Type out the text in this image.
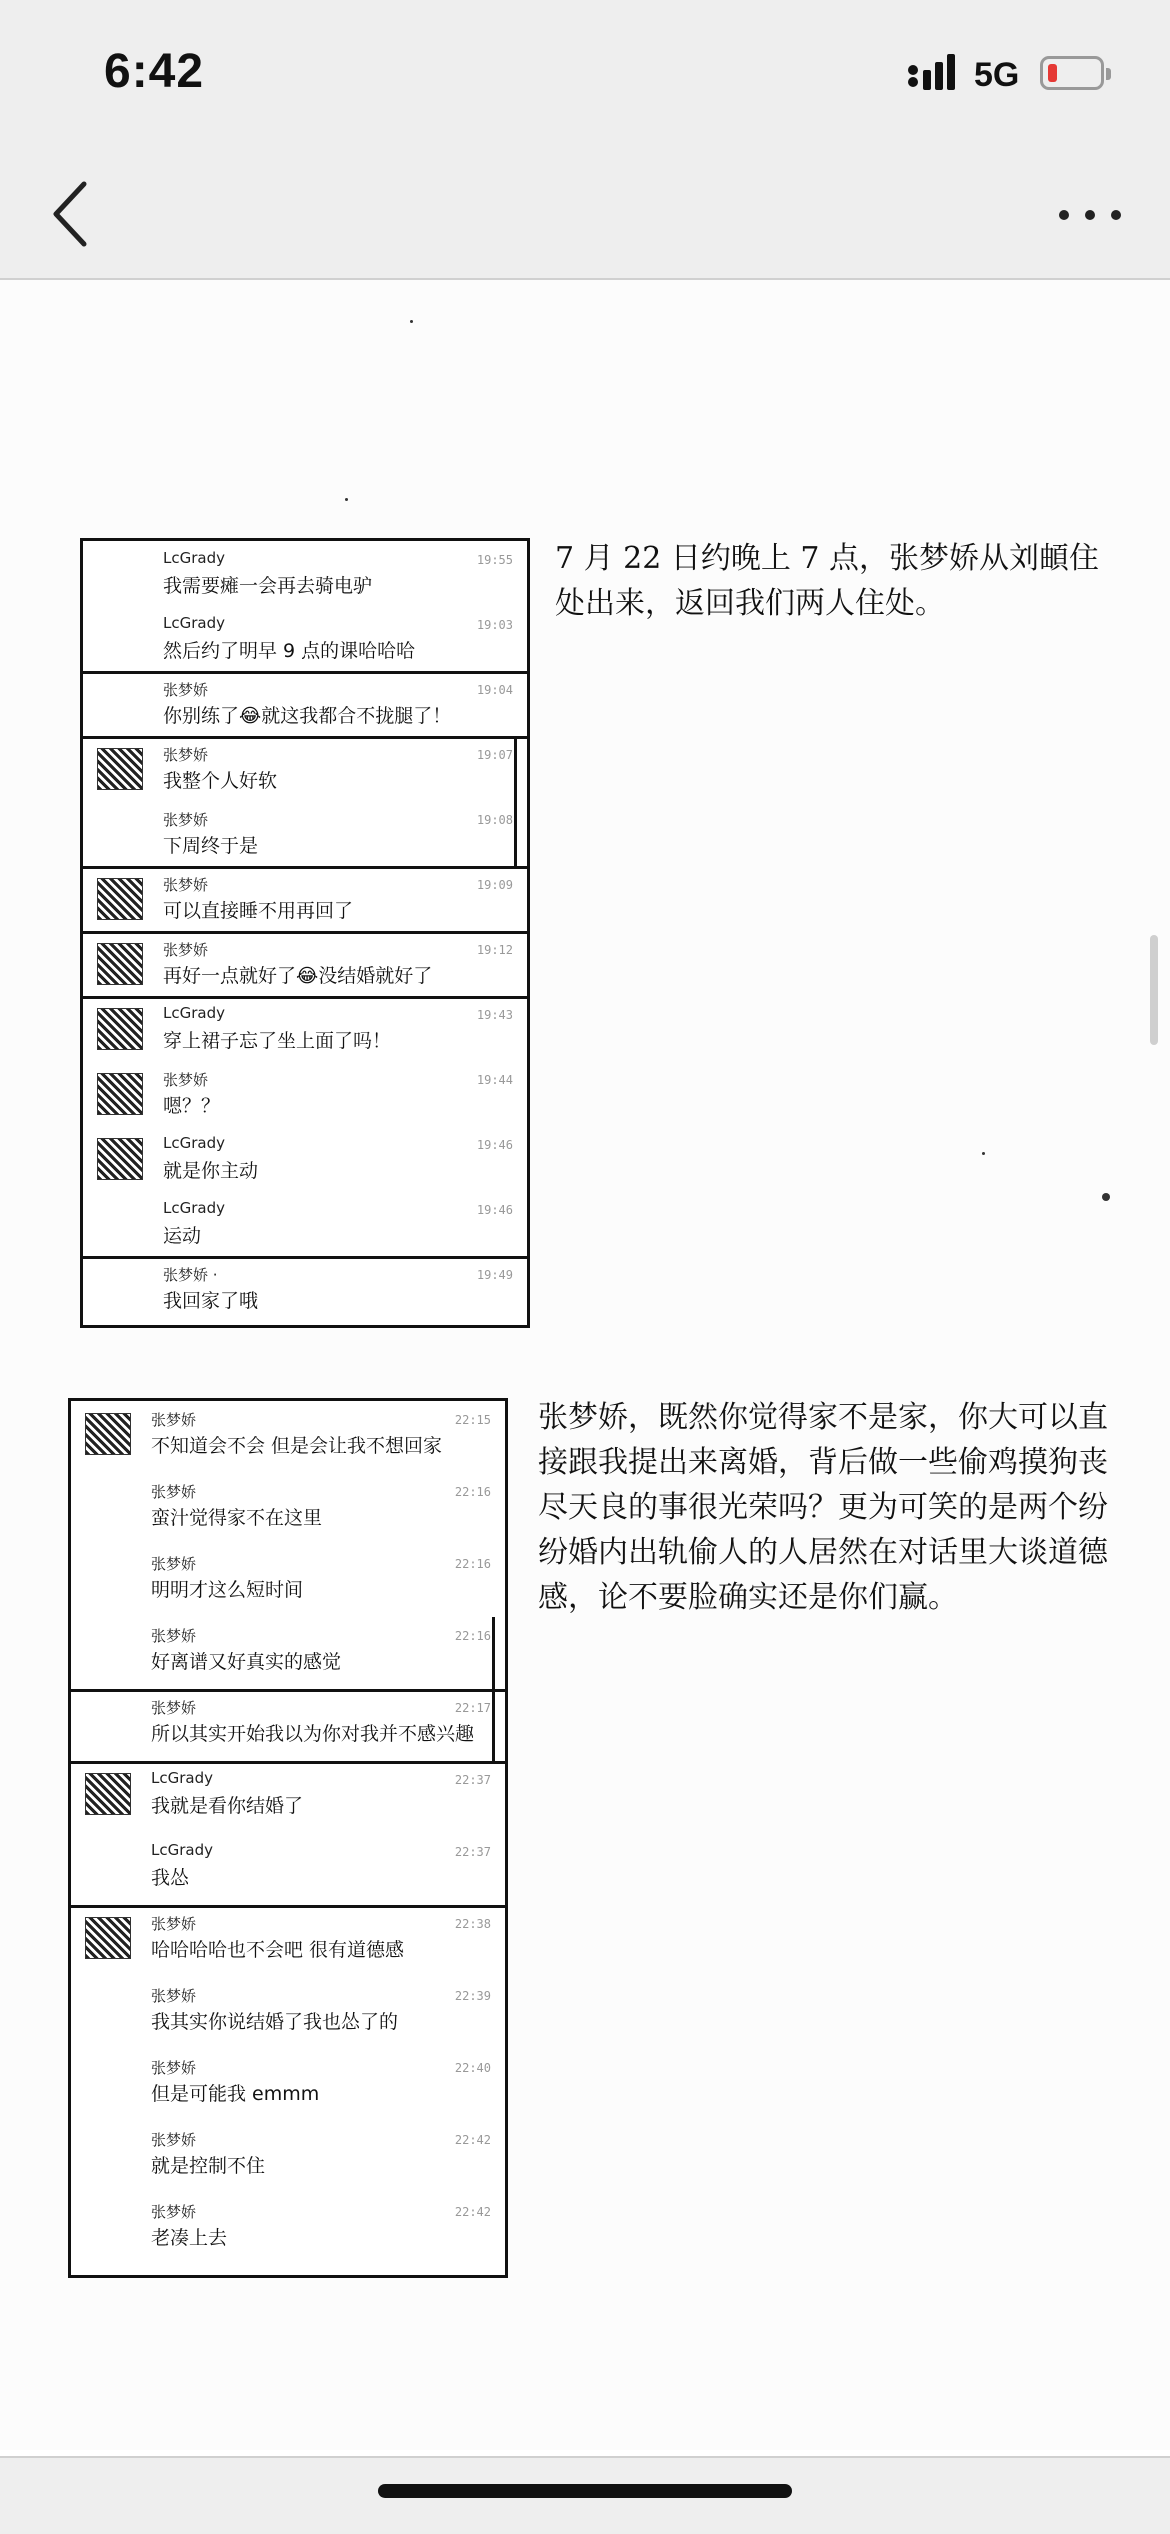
6:42	5G
LcGrady
我需要瘫一会再去骑电驴
19:55
LcGrady
然后约了明早 9 点的课哈哈哈
19:03
张梦娇
你别练了😂就这我都合不拢腿了！
19:04
张梦娇
我整个人好软
19:07
张梦娇
下周终于是
19:08
张梦娇
可以直接睡不用再回了
19:09
张梦娇
再好一点就好了😂没结婚就好了
19:12
LcGrady
穿上裙子忘了坐上面了吗！
19:43
张梦娇
嗯？？
19:44
LcGrady
就是你主动
19:46
LcGrady
运动
19:46
张梦娇 ·
我回家了哦
19:49
7 月 22 日约晚上 7 点，张梦娇从刘頔住处出来，返回我们两人住处。
张梦娇
不知道会不会 但是会让我不想回家
22:15
张梦娇
蛮汁觉得家不在这里
22:16
张梦娇
明明才这么短时间
22:16
张梦娇
好离谱又好真实的感觉
22:16
张梦娇
所以其实开始我以为你对我并不感兴趣
22:17
LcGrady
我就是看你结婚了
22:37
LcGrady
我怂
22:37
张梦娇
哈哈哈哈也不会吧 很有道德感
22:38
张梦娇
我其实你说结婚了我也怂了的
22:39
张梦娇
但是可能我 emmm
22:40
张梦娇
就是控制不住
22:42
张梦娇
老凑上去
22:42
张梦娇，既然你觉得家不是家，你大可以直接跟我提出来离婚，背后做一些偷鸡摸狗丧尽天良的事很光荣吗？更为可笑的是两个纷纷婚内出轨偷人的人居然在对话里大谈道德感，论不要脸确实还是你们赢。
